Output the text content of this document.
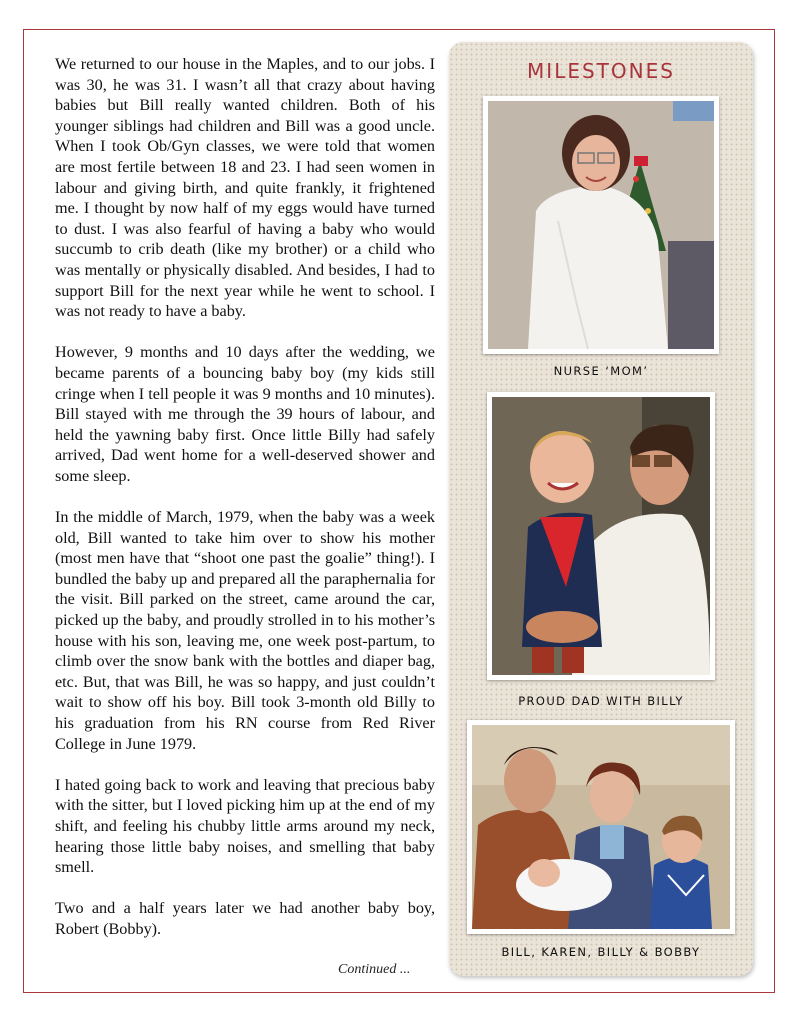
We returned to our house in the Maples, and to our jobs. I was 30, he was 31. I wasn’t all that crazy about having babies but Bill really wanted children. Both of his younger siblings had children and Bill was a good uncle. When I took Ob/Gyn classes, we were told that women are most fertile between 18 and 23. I had seen women in labour and giving birth, and quite frankly, it frightened me. I thought by now half of my eggs would have turned to dust. I was also fearful of having a baby who would succumb to crib death (like my brother) or a child who was mentally or physically disabled. And besides, I had to support Bill for the next year while he went to school. I was not ready to have a baby.

However, 9 months and 10 days after the wedding, we became parents of a bouncing baby boy (my kids still cringe when I tell people it was 9 months and 10 minutes). Bill stayed with me through the 39 hours of labour, and held the yawning baby first. Once little Billy had safely arrived, Dad went home for a well-deserved shower and some sleep.

In the middle of March, 1979, when the baby was a week old, Bill wanted to take him over to show his mother (most men have that “shoot one past the goalie” thing!). I bundled the baby up and prepared all the paraphernalia for the visit. Bill parked on the street, came around the car, picked up the baby, and proudly strolled in to his mother’s house with his son, leaving me, one week post-partum, to climb over the snow bank with the bottles and diaper bag, etc. But, that was Bill, he was so happy, and just couldn’t wait to show off his boy. Bill took 3-month old Billy to his graduation from his RN course from Red River College in June 1979.

I hated going back to work and leaving that precious baby with the sitter, but I loved picking him up at the end of my shift, and feeling his chubby little arms around my neck, hearing those little baby noises, and smelling that baby smell.

Two and a half years later we had another baby boy, Robert (Bobby).

Continued ...
MILESTONES
NURSE ‘MOM’
PROUD DAD WITH BILLY
BILL, KAREN, BILLY & BOBBY
